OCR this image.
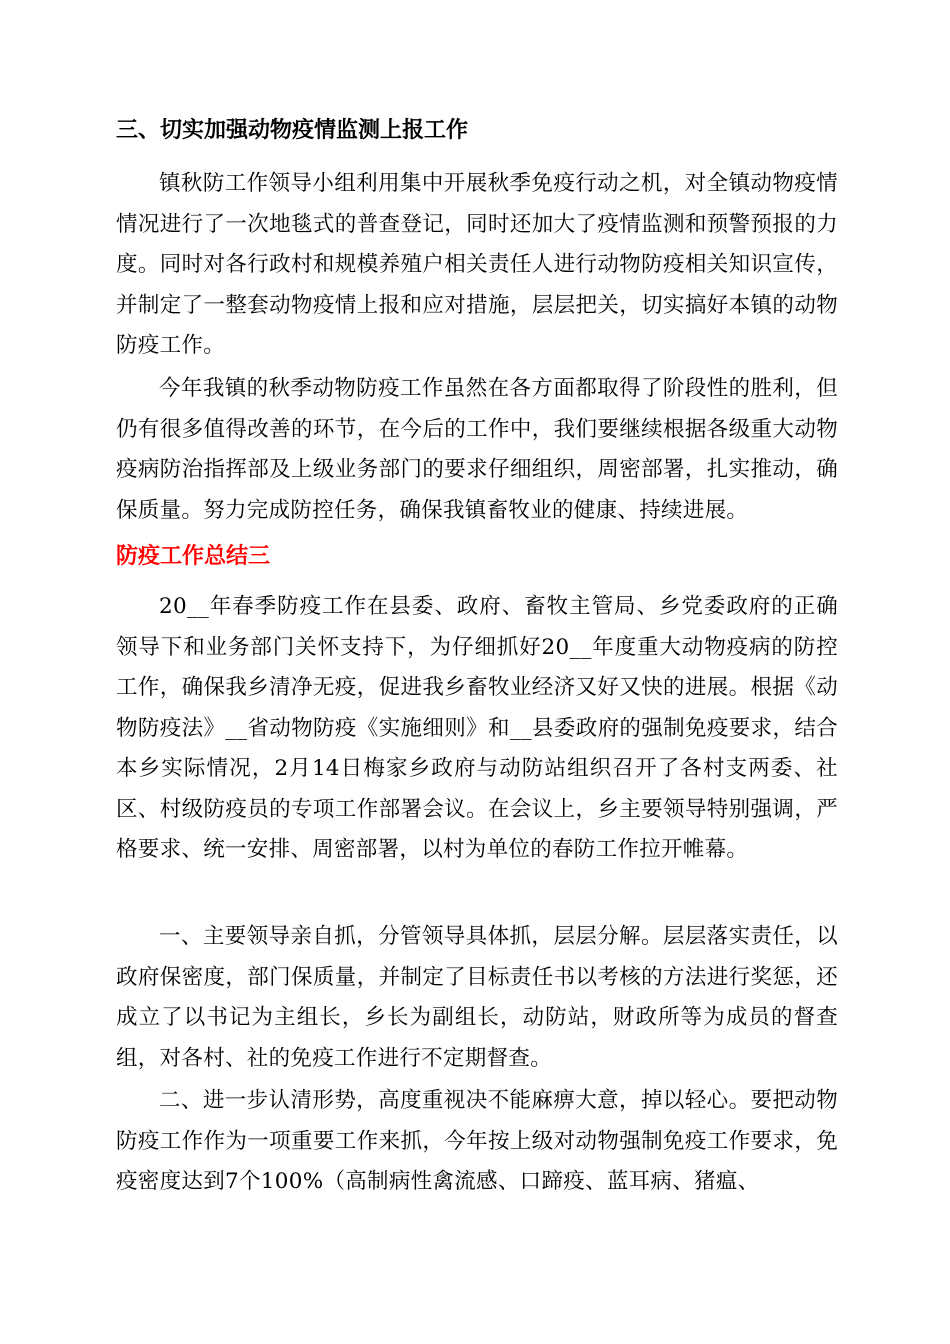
三、切实加强动物疫情监测上报工作

镇秋防工作领导小组利用集中开展秋季免疫行动之机，对全镇动物疫情情况进行了一次地毯式的普查登记，同时还加大了疫情监测和预警预报的力度。同时对各行政村和规模养殖户相关责任人进行动物防疫相关知识宣传，并制定了一整套动物疫情上报和应对措施，层层把关，切实搞好本镇的动物防疫工作。

今年我镇的秋季动物防疫工作虽然在各方面都取得了阶段性的胜利，但仍有很多值得改善的环节，在今后的工作中，我们要继续根据各级重大动物疫病防治指挥部及上级业务部门的要求仔细组织，周密部署，扎实推动，确保质量。努力完成防控任务，确保我镇畜牧业的健康、持续进展。

防疫工作总结三

20__年春季防疫工作在县委、政府、畜牧主管局、乡党委政府的正确领导下和业务部门关怀支持下，为仔细抓好20__年度重大动物疫病的防控工作，确保我乡清净无疫，促进我乡畜牧业经济又好又快的进展。根据《动物防疫法》__省动物防疫《实施细则》和__县委政府的强制免疫要求，结合本乡实际情况，2月14日梅家乡政府与动防站组织召开了各村支两委、社区、村级防疫员的专项工作部署会议。在会议上，乡主要领导特别强调，严格要求、统一安排、周密部署，以村为单位的春防工作拉开帷幕。

一、主要领导亲自抓，分管领导具体抓，层层分解。层层落实责任，以政府保密度，部门保质量，并制定了目标责任书以考核的方法进行奖惩，还成立了以书记为主组长，乡长为副组长，动防站，财政所等为成员的督查组，对各村、社的免疫工作进行不定期督查。

二、进一步认清形势，高度重视决不能麻痹大意，掉以轻心。要把动物防疫工作作为一项重要工作来抓，今年按上级对动物强制免疫工作要求，免疫密度达到7个100%（高制病性禽流感、口蹄疫、蓝耳病、猪瘟、
